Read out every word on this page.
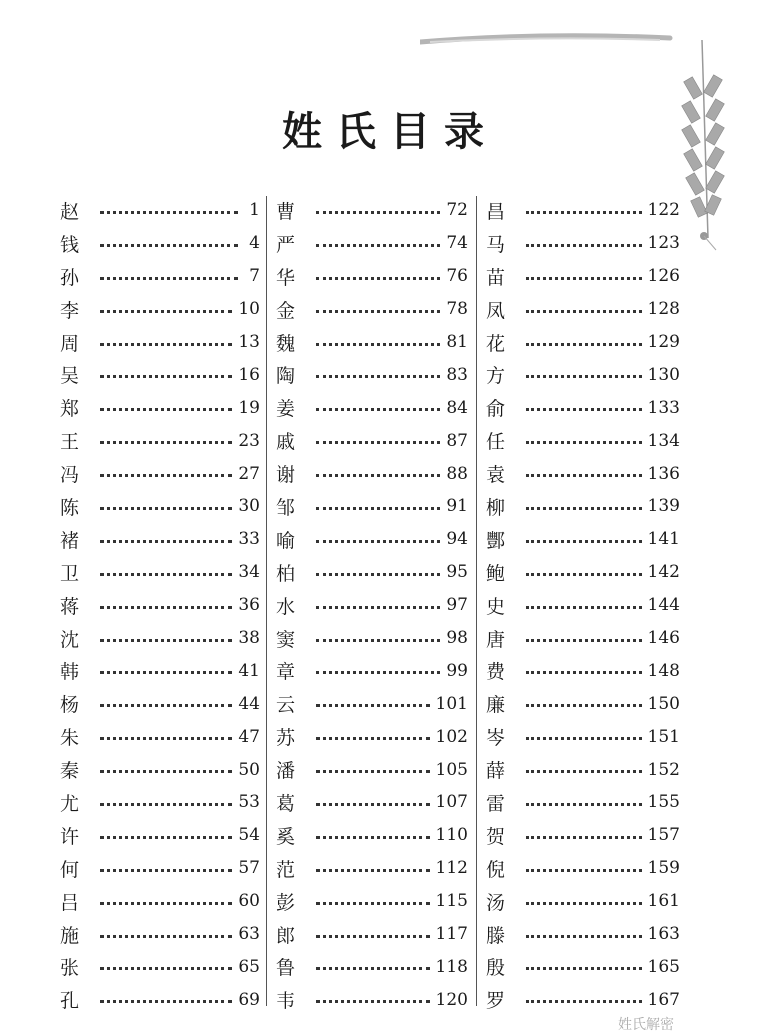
姓氏目录
赵	1
钱	4
孙	7
李	10
周	13
吴	16
郑	19
王	23
冯	27
陈	30
褚	33
卫	34
蒋	36
沈	38
韩	41
杨	44
朱	47
秦	50
尤	53
许	54
何	57
吕	60
施	63
张	65
孔	69
曹	72
严	74
华	76
金	78
魏	81
陶	83
姜	84
戚	87
谢	88
邹	91
喻	94
柏	95
水	97
窦	98
章	99
云	101
苏	102
潘	105
葛	107
奚	110
范	112
彭	115
郎	117
鲁	118
韦	120
昌	122
马	123
苗	126
凤	128
花	129
方	130
俞	133
任	134
袁	136
柳	139
酆	141
鲍	142
史	144
唐	146
费	148
廉	150
岑	151
薛	152
雷	155
贺	157
倪	159
汤	161
滕	163
殷	165
罗	167
姓氏解密
